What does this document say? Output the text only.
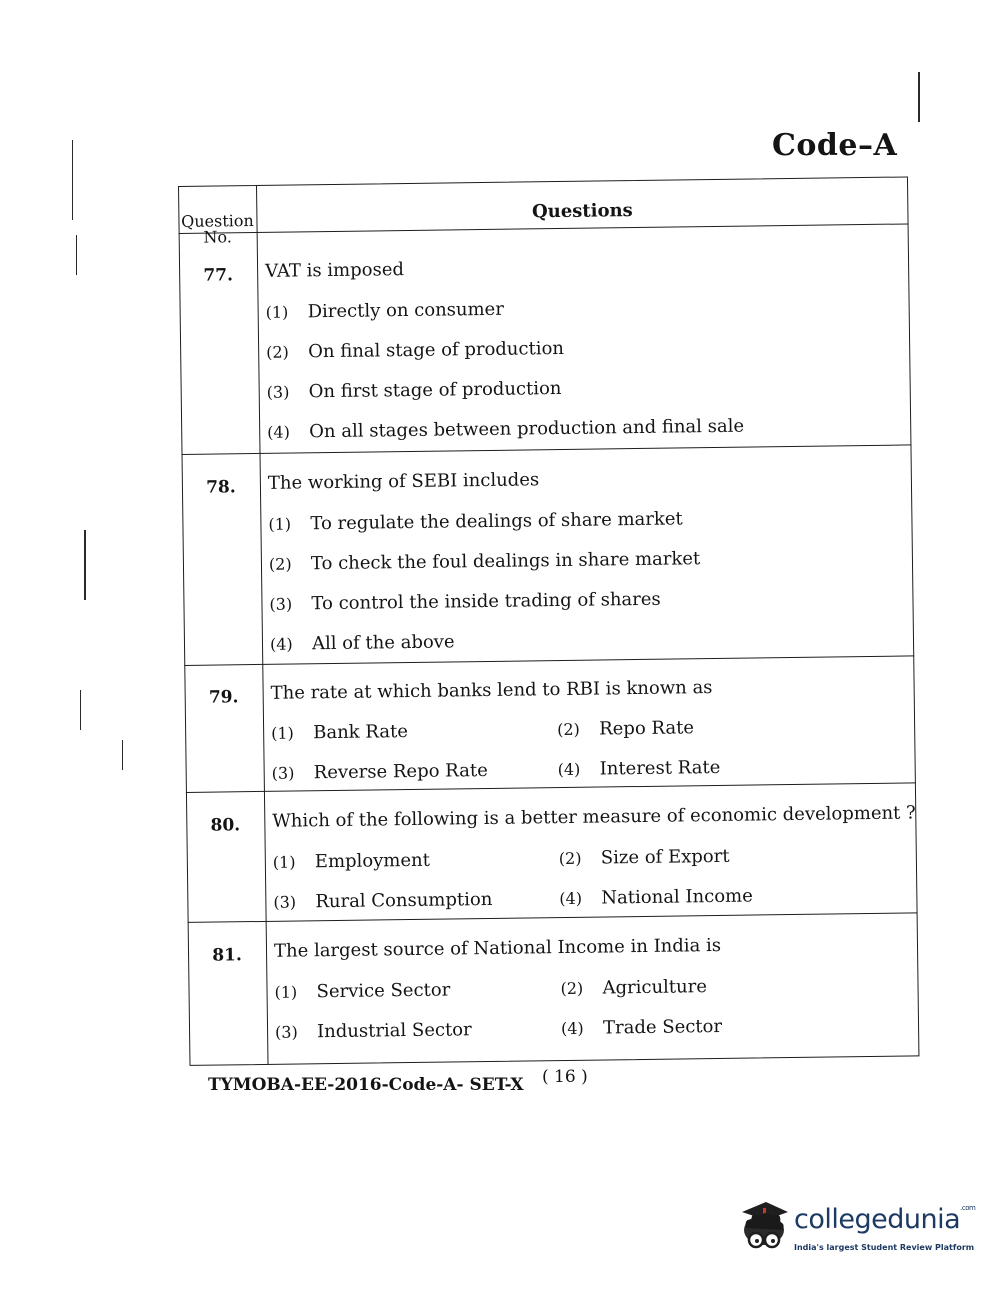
Code–A
Question
No.
Questions
77.	VAT is imposed
(1) Directly on consumer
(2) On final stage of production
(3) On first stage of production
(4) On all stages between production and final sale
78.	The working of SEBI includes
(1) To regulate the dealings of share market
(2) To check the foul dealings in share market
(3) To control the inside trading of shares
(4) All of the above
79.	The rate at which banks lend to RBI is known as
(1) Bank Rate	(2) Repo Rate
(3) Reverse Repo Rate	(4) Interest Rate
80.	Which of the following is a better measure of economic development ?
(1) Employment	(2) Size of Export
(3) Rural Consumption	(4) National Income
81.	The largest source of National Income in India is
(1) Service Sector	(2) Agriculture
(3) Industrial Sector	(4) Trade Sector
TYMOBA-EE-2016-Code-A- SET-X ( 16 )
collegedunia$^{.com}$
India's largest Student Review Platform
